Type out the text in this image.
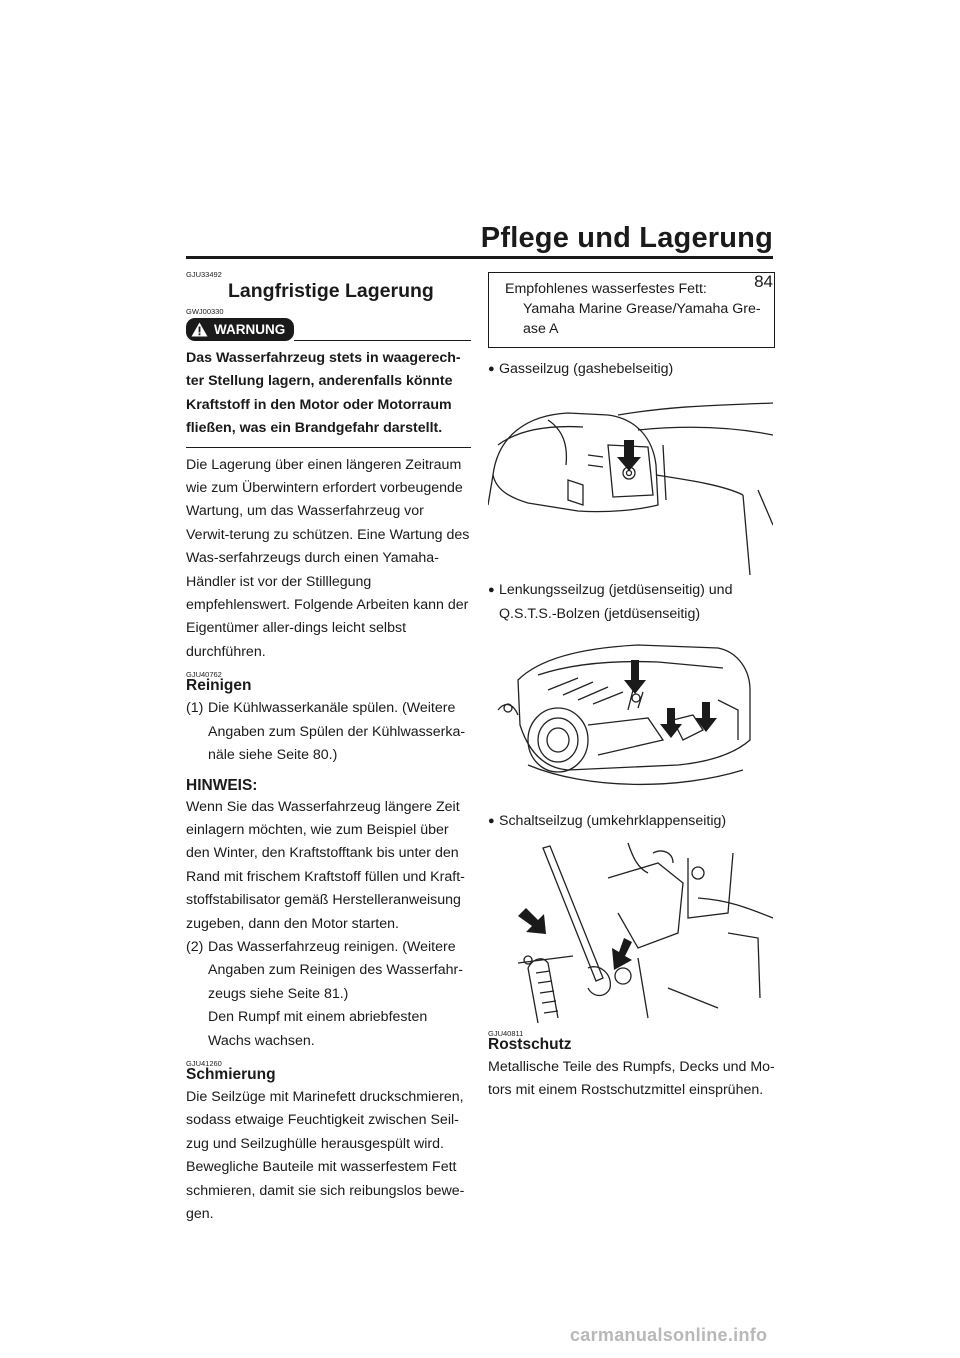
Pflege und Lagerung
84

GJU33492

Langfristige Lagerung

GWJ00330

WARNUNG
Das Wasserfahrzeug stets in waagerech-ter Stellung lagern, anderenfalls könnte Kraftstoff in den Motor oder Motorraum fließen, was ein Brandgefahr darstellt.

Die Lagerung über einen längeren Zeitraum wie zum Überwintern erfordert vorbeugende Wartung, um das Wasserfahrzeug vor Verwit-terung zu schützen. Eine Wartung des Was-serfahrzeugs durch einen Yamaha-Händler ist vor der Stilllegung empfehlenswert. Folgende Arbeiten kann der Eigentümer aller-dings leicht selbst durchführen.

GJU40762

Reinigen

(1) Die Kühlwasserkanäle spülen. (Weitere Angaben zum Spülen der Kühlwasserka-näle siehe Seite 80.)

HINWEIS:

Wenn Sie das Wasserfahrzeug längere Zeit einlagern möchten, wie zum Beispiel über den Winter, den Kraftstofftank bis unter den Rand mit frischem Kraftstoff füllen und Kraft-stoffstabilisator gemäß Herstelleranweisung zugeben, dann den Motor starten.

(2) Das Wasserfahrzeug reinigen. (Weitere Angaben zum Reinigen des Wasserfahr-zeugs siehe Seite 81.)

Den Rumpf mit einem abriebfesten Wachs wachsen.

GJU41260

Schmierung

Die Seilzüge mit Marinefett druckschmieren, sodass etwaige Feuchtigkeit zwischen Seil-zug und Seilzughülle herausgespült wird. Bewegliche Bauteile mit wasserfestem Fett schmieren, damit sie sich reibungslos bewe-gen.

Empfohlenes wasserfestes Fett:
Yamaha Marine Grease/Yamaha Gre-ase A
● Gasseilzug (gashebelseitig)
● Lenkungsseilzug (jetdüsenseitig) und Q.S.T.S.-Bolzen (jetdüsenseitig)
● Schaltseilzug (umkehrklappenseitig)

GJU40811

Rostschutz

Metallische Teile des Rumpfs, Decks und Mo-tors mit einem Rostschutzmittel einsprühen.

carmanualsonline.info
